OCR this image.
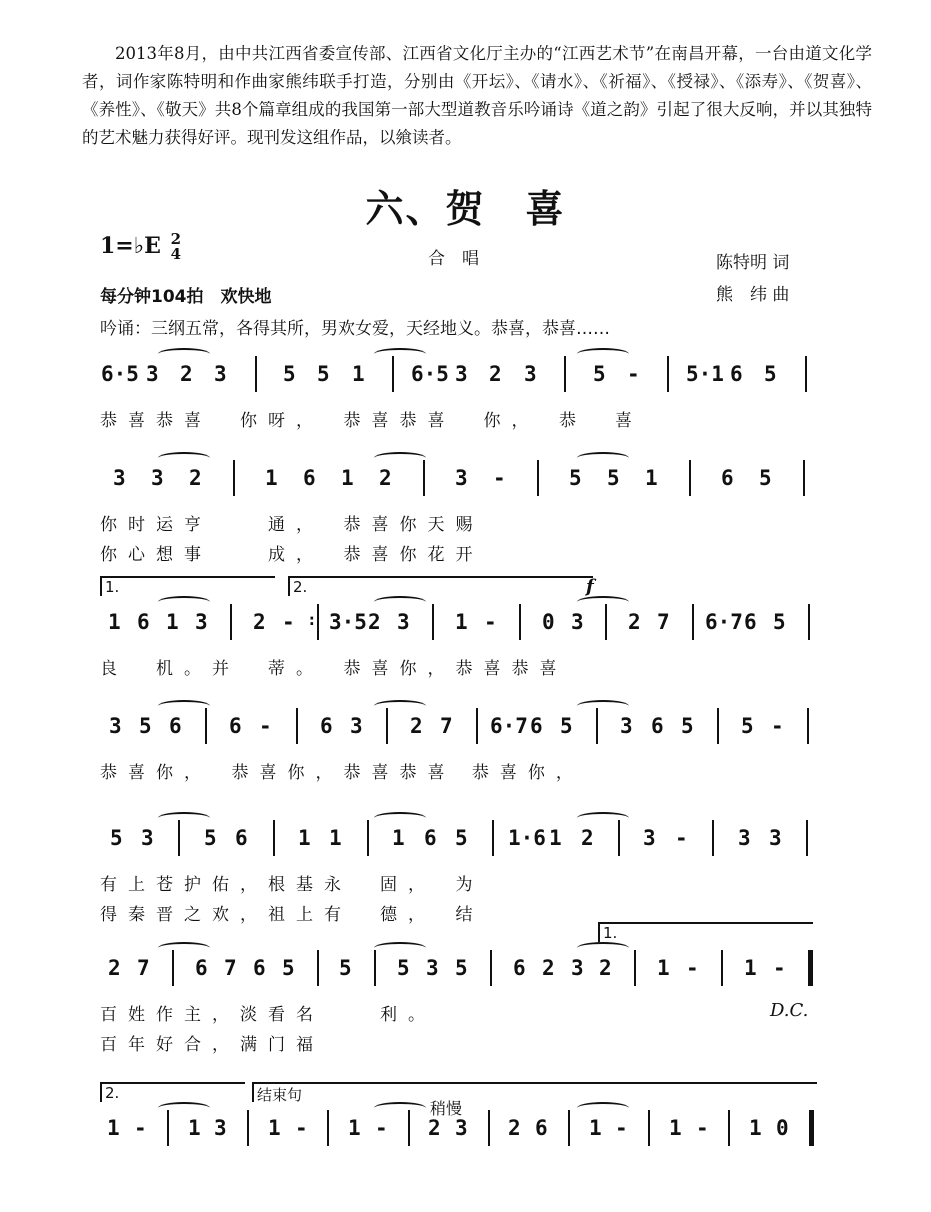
2013年8月，由中共江西省委宣传部、江西省文化厅主办的“江西艺术节”在南昌开幕，一台由道文化学者，词作家陈特明和作曲家熊纬联手打造，分别由《开坛》、《请水》、《祈福》、《授禄》、《添寿》、《贺喜》、《养性》、《敬天》共8个篇章组成的我国第一部大型道教音乐吟诵诗《道之韵》引起了很大反响，并以其独特的艺术魅力获得好评。现刊发这组作品，以飨读者。
六、贺　喜
1=♭E 2
4	合　唱	陈特明 词
熊　纬 曲
每分钟104拍　欢快地
吟诵：三纲五常，各得其所，男欢女爱，天经地义。恭喜，恭喜……
6·5 3 2 3	5 5 1 6·5 3 2 3	5 - 5·1 6 5
恭喜恭喜　你呀，　恭喜恭喜　你，　恭　喜
3 3 2	1 6 1 2	3 -	5 5 1	6 5
你时运亨　　通，　恭喜你天赐
你心想事　　成，　恭喜你花开
1 6 1 3 2 - : 3·5 2 3 1 - 0 3 2 7 6·7 6 5
良　机。并　蒂。　恭喜你，恭喜恭喜
1.	2.	f
3 5 6 6 - 6 3 2 7 6·7 6 5 3 6 5 5 -
恭喜你，　恭喜你，恭喜恭喜 恭喜你，
5 3 5 6 1 1 1 6 5 1·6 1 2 3 - 3 3
有上苍护佑，根基永　固，　为
得秦晋之欢，祖上有　德，　结
2 7 6 7 6 5 5 5 3 5 6 2 3 2 1 - 1 -
百姓作主，淡看名　　利。
百年好合，满门福
1.
D.C.
1 - 1 3 1 - 1 - 2 3 2 6 1 - 1 - 1 0
2.	结束句
稍慢
